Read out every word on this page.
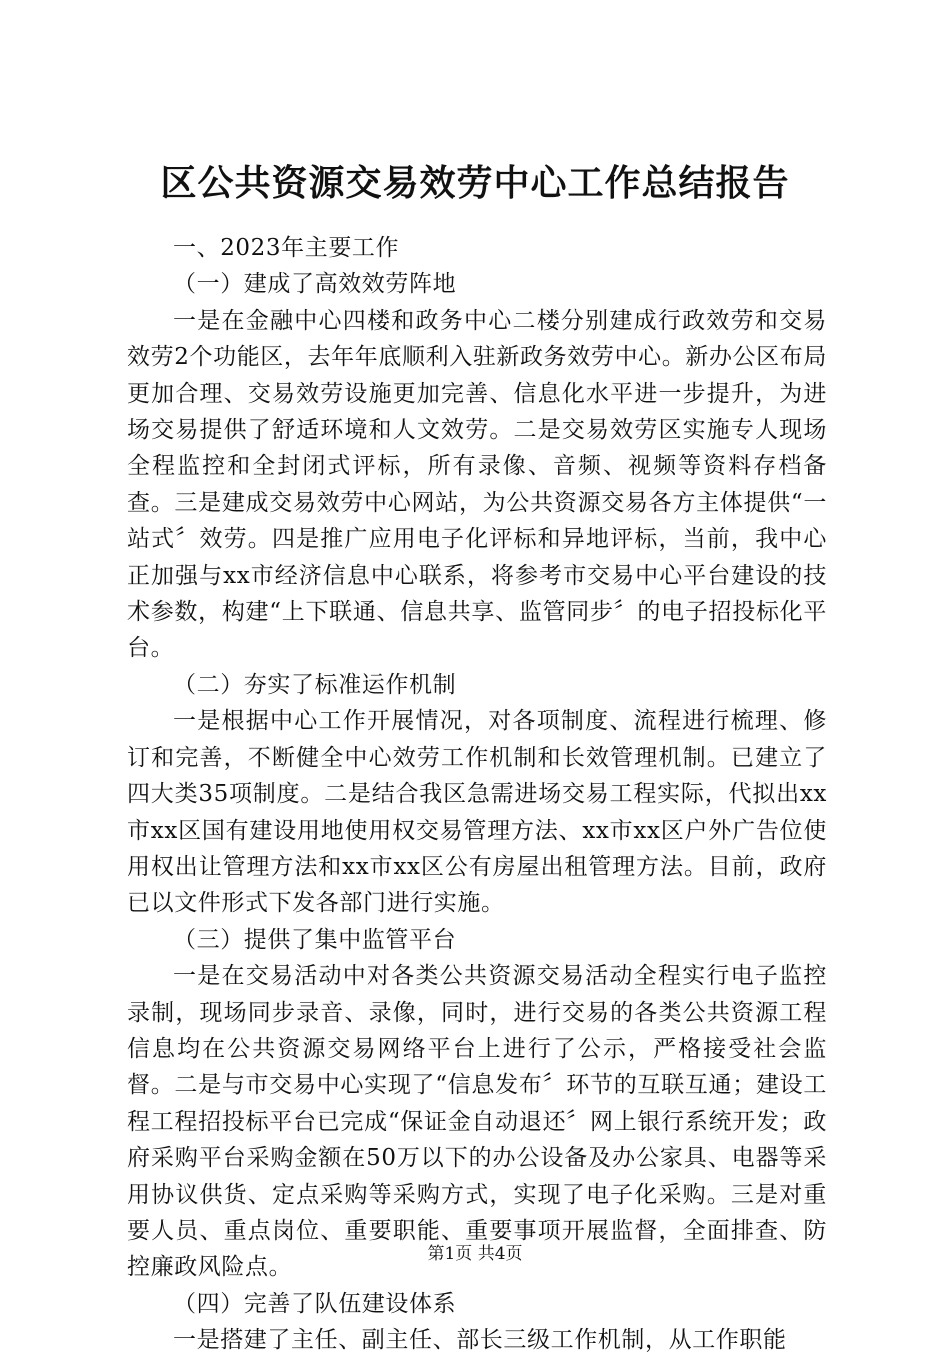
区公共资源交易效劳中心工作总结报告

一、2023年主要工作

（一）建成了高效效劳阵地

一是在金融中心四楼和政务中心二楼分别建成行政效劳和交易效劳2个功能区，去年年底顺利入驻新政务效劳中心。新办公区布局更加合理、交易效劳设施更加完善、信息化水平进一步提升，为进场交易提供了舒适环境和人文效劳。二是交易效劳区实施专人现场全程监控和全封闭式评标，所有录像、音频、视频等资料存档备查。三是建成交易效劳中心网站，为公共资源交易各方主体提供“一站式〞效劳。四是推广应用电子化评标和异地评标，当前，我中心正加强与xx市经济信息中心联系，将参考市交易中心平台建设的技术参数，构建“上下联通、信息共享、监管同步〞的电子招投标化平台。

（二）夯实了标准运作机制

一是根据中心工作开展情况，对各项制度、流程进行梳理、修订和完善，不断健全中心效劳工作机制和长效管理机制。已建立了四大类35项制度。二是结合我区急需进场交易工程实际，代拟出xx市xx区国有建设用地使用权交易管理方法、xx市xx区户外广告位使用权出让管理方法和xx市xx区公有房屋出租管理方法。目前，政府已以文件形式下发各部门进行实施。

（三）提供了集中监管平台

一是在交易活动中对各类公共资源交易活动全程实行电子监控录制，现场同步录音、录像，同时，进行交易的各类公共资源工程信息均在公共资源交易网络平台上进行了公示，严格接受社会监督。二是与市交易中心实现了“信息发布〞环节的互联互通；建设工程工程招投标平台已完成“保证金自动退还〞网上银行系统开发；政府采购平台采购金额在50万以下的办公设备及办公家具、电器等采用协议供货、定点采购等采购方式，实现了电子化采购。三是对重要人员、重点岗位、重要职能、重要事项开展监督，全面排查、防控廉政风险点。

（四）完善了队伍建设体系

一是搭建了主任、副主任、部长三级工作机制，从工作职能

第1页 共4页
